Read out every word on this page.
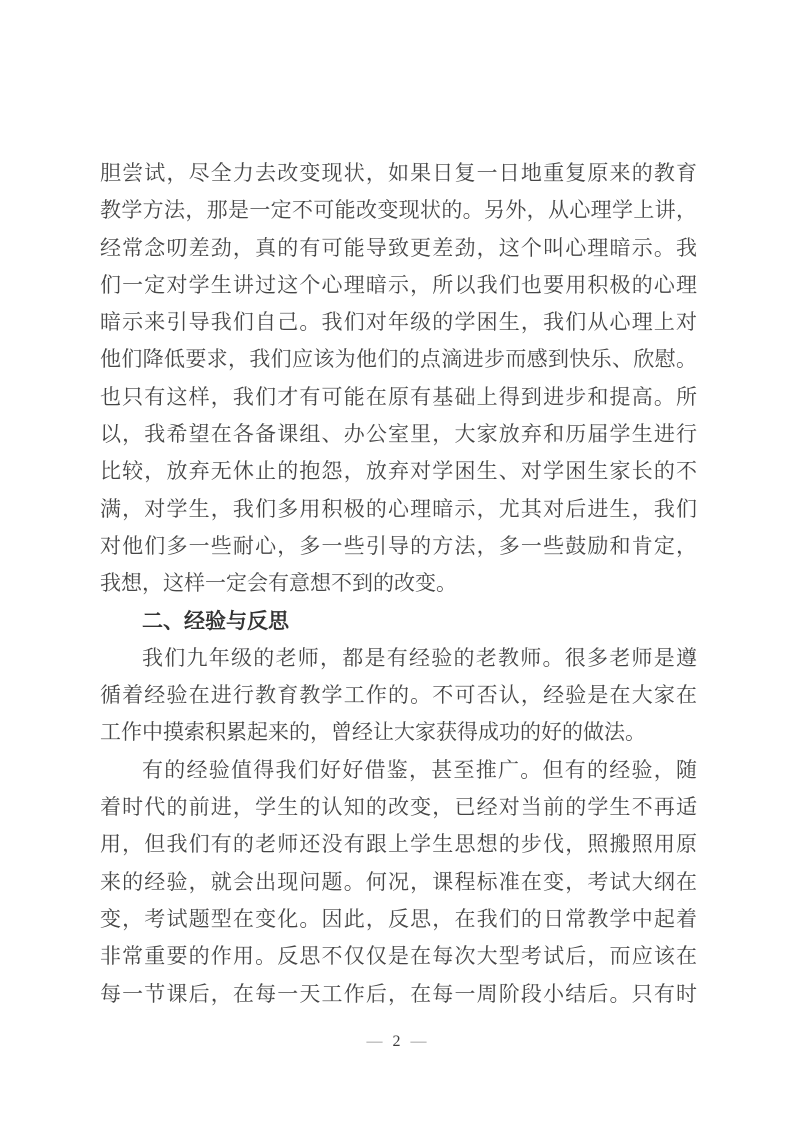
胆尝试，尽全力去改变现状，如果日复一日地重复原来的教育
教学方法，那是一定不可能改变现状的。另外，从心理学上讲，
经常念叨差劲，真的有可能导致更差劲，这个叫心理暗示。我
们一定对学生讲过这个心理暗示，所以我们也要用积极的心理
暗示来引导我们自己。我们对年级的学困生，我们从心理上对
他们降低要求，我们应该为他们的点滴进步而感到快乐、欣慰。
也只有这样，我们才有可能在原有基础上得到进步和提高。所
以，我希望在各备课组、办公室里，大家放弃和历届学生进行
比较，放弃无休止的抱怨，放弃对学困生、对学困生家长的不
满，对学生，我们多用积极的心理暗示，尤其对后进生，我们
对他们多一些耐心，多一些引导的方法，多一些鼓励和肯定，
我想，这样一定会有意想不到的改变。
二、经验与反思
我们九年级的老师，都是有经验的老教师。很多老师是遵
循着经验在进行教育教学工作的。不可否认，经验是在大家在
工作中摸索积累起来的，曾经让大家获得成功的好的做法。
有的经验值得我们好好借鉴，甚至推广。但有的经验，随
着时代的前进，学生的认知的改变，已经对当前的学生不再适
用，但我们有的老师还没有跟上学生思想的步伐，照搬照用原
来的经验，就会出现问题。何况，课程标准在变，考试大纲在
变，考试题型在变化。因此，反思，在我们的日常教学中起着
非常重要的作用。反思不仅仅是在每次大型考试后，而应该在
每一节课后，在每一天工作后，在每一周阶段小结后。只有时
— 2 —
